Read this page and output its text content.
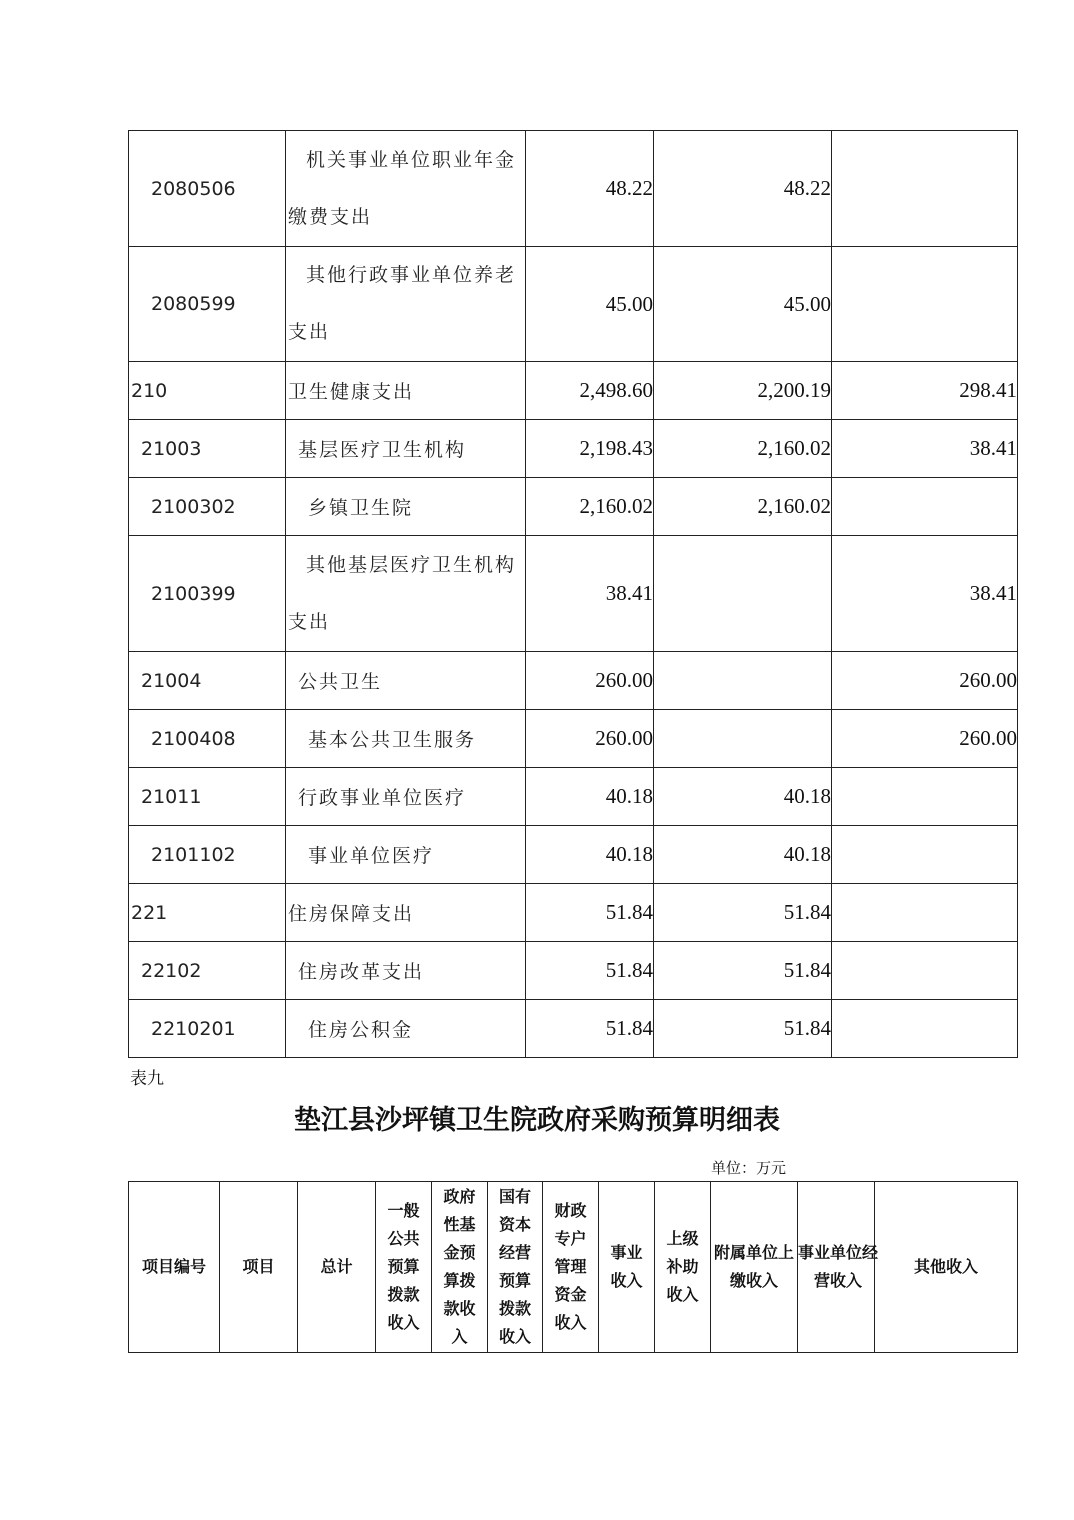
2080506	机关事业单位职业年金
缴费支出	48.22	48.22	
2080599	其他行政事业单位养老
支出	45.00	45.00	
210	卫生健康支出	2,498.60	2,200.19	298.41
21003	基层医疗卫生机构	2,198.43	2,160.02	38.41
2100302	乡镇卫生院	2,160.02	2,160.02	
2100399	其他基层医疗卫生机构
支出	38.41		38.41
21004	公共卫生	260.00		260.00
2100408	基本公共卫生服务	260.00		260.00
21011	行政事业单位医疗	40.18	40.18	
2101102	事业单位医疗	40.18	40.18	
221	住房保障支出	51.84	51.84	
22102	住房改革支出	51.84	51.84	
2210201	住房公积金	51.84	51.84	
表九
垫江县沙坪镇卫生院政府采购预算明细表
单位：万元
项目编号	项目	总计	一般公共预算拨款收入	政府性基金预算拨款收入	国有资本经营预算拨款收入	财政专户管理资金收入	事业收入	上级补助收入	附属单位上缴收入	事业单位经营收入	其他收入
